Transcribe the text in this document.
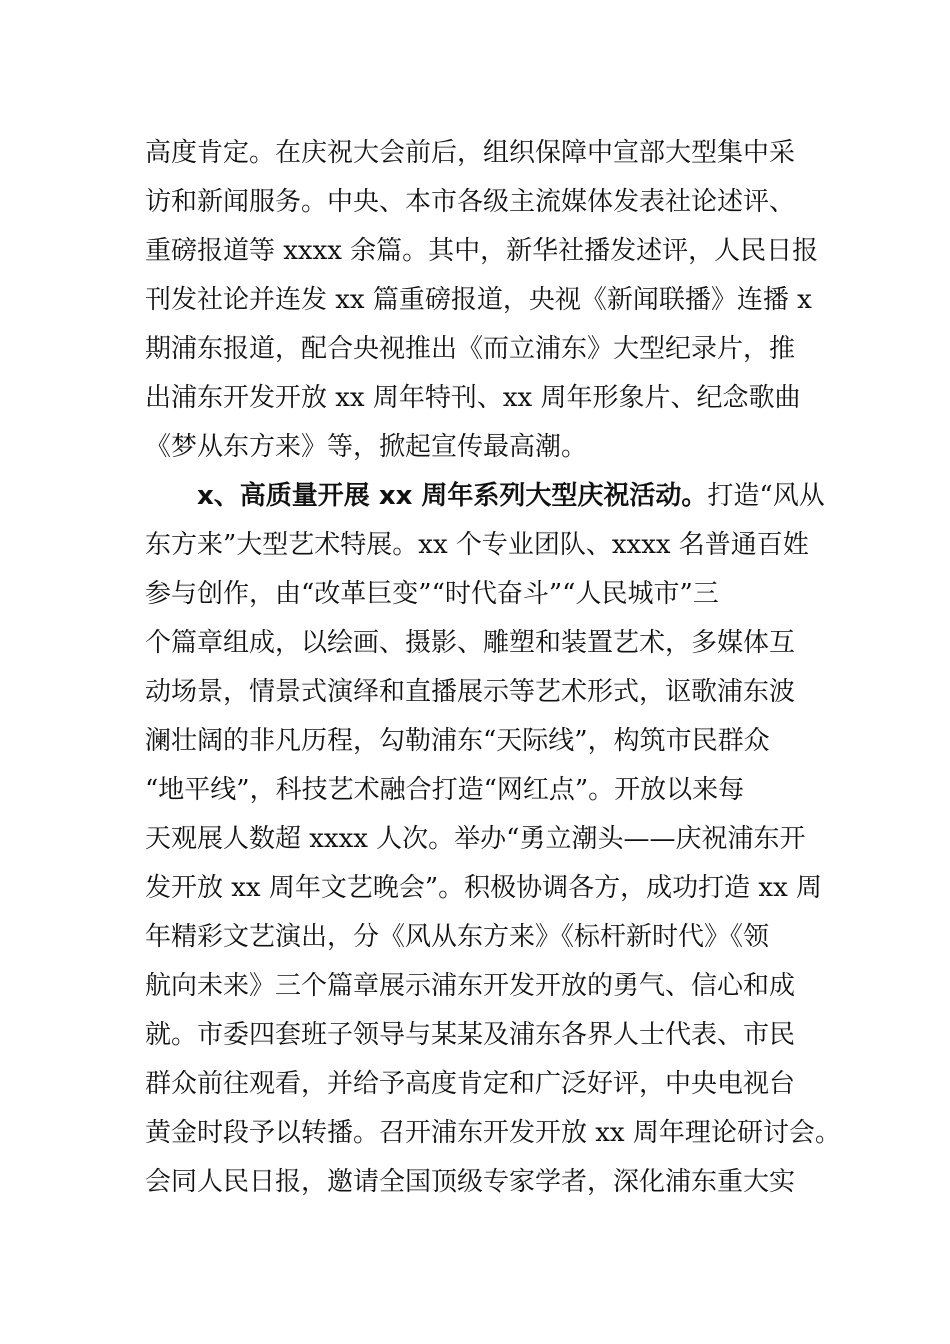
高度肯定。在庆祝大会前后，组织保障中宣部大型集中采
访和新闻服务。中央、本市各级主流媒体发表社论述评、
重磅报道等 xxxx 余篇。其中，新华社播发述评，人民日报
刊发社论并连发 xx 篇重磅报道，央视《新闻联播》连播 x
期浦东报道，配合央视推出《而立浦东》大型纪录片，推
出浦东开发开放 xx 周年特刊、xx 周年形象片、纪念歌曲
《梦从东方来》等，掀起宣传最高潮。
x、高质量开展 xx 周年系列大型庆祝活动。打造“风从
东方来”大型艺术特展。xx 个专业团队、xxxx 名普通百姓
参与创作，由“改革巨变”“时代奋斗”“人民城市”三
个篇章组成，以绘画、摄影、雕塑和装置艺术，多媒体互
动场景，情景式演绎和直播展示等艺术形式，讴歌浦东波
澜壮阔的非凡历程，勾勒浦东“天际线”，构筑市民群众
“地平线”，科技艺术融合打造“网红点”。开放以来每
天观展人数超 xxxx 人次。举办“勇立潮头——庆祝浦东开
发开放 xx 周年文艺晚会”。积极协调各方，成功打造 xx 周
年精彩文艺演出，分《风从东方来》《标杆新时代》《领
航向未来》三个篇章展示浦东开发开放的勇气、信心和成
就。市委四套班子领导与某某及浦东各界人士代表、市民
群众前往观看，并给予高度肯定和广泛好评，中央电视台
黄金时段予以转播。召开浦东开发开放 xx 周年理论研讨会。
会同人民日报，邀请全国顶级专家学者，深化浦东重大实
